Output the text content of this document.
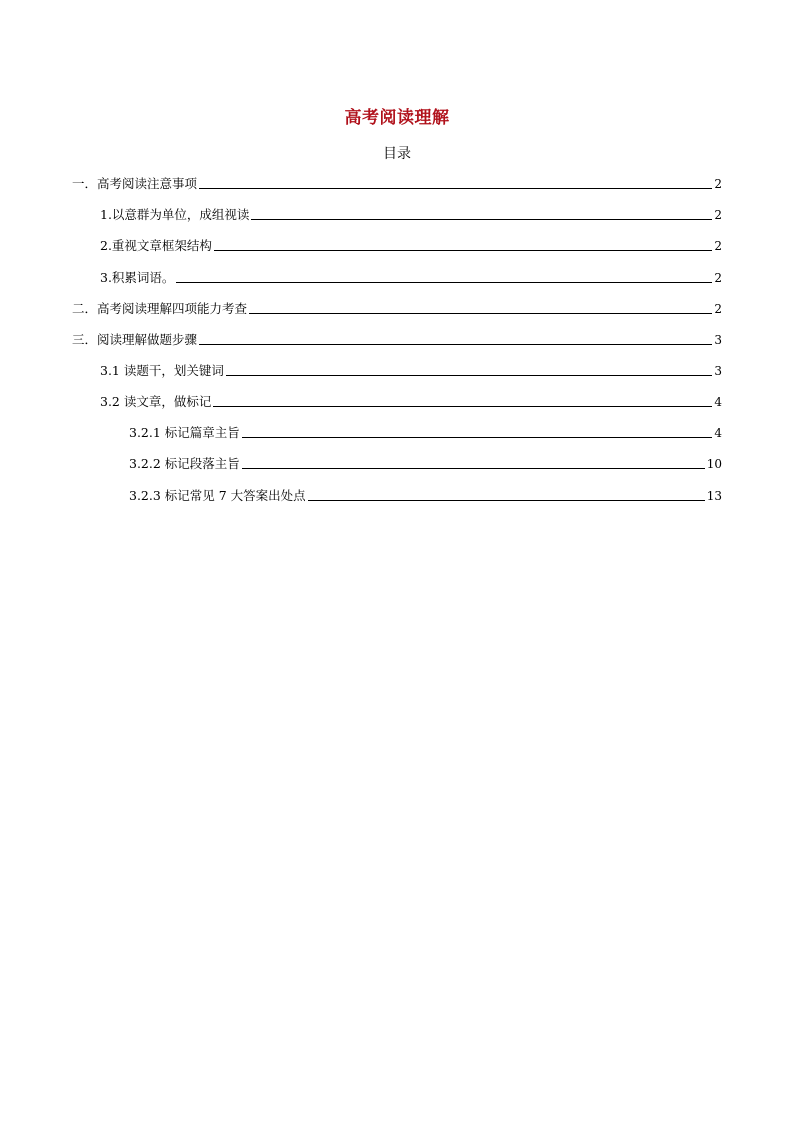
高考阅读理解
目录
一．高考阅读注意事项	2
1.以意群为单位，成组视读	2
2.重视文章框架结构	2
3.积累词语。	2
二．高考阅读理解四项能力考查	2
三．阅读理解做题步骤	3
3.1 读题干，划关键词	3
3.2 读文章，做标记	4
3.2.1 标记篇章主旨	4
3.2.2 标记段落主旨	10
3.2.3 标记常见 7 大答案出处点	13
